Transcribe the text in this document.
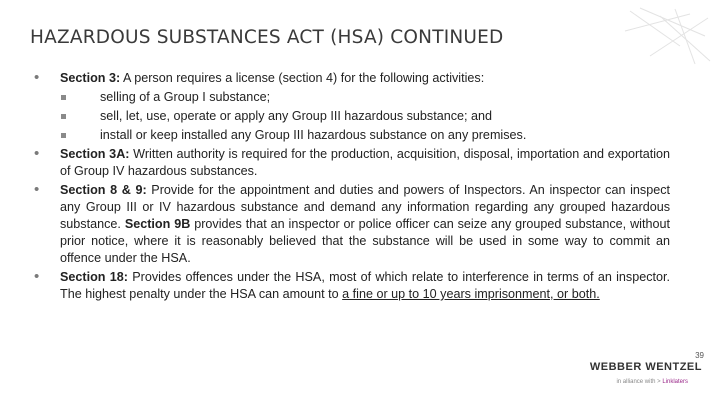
HAZARDOUS SUBSTANCES ACT (HSA) CONTINUED
• Section 3: A person requires a license (section 4) for the following activities:
selling of a Group I substance;
sell, let, use, operate or apply any Group III hazardous substance; and
install or keep installed any Group III hazardous substance on any premises.
• Section 3A: Written authority is required for the production, acquisition, disposal, importation and exportation of Group IV hazardous substances.
• Section 8 & 9: Provide for the appointment and duties and powers of Inspectors. An inspector can inspect any Group III or IV hazardous substance and demand any information regarding any grouped hazardous substance. Section 9B provides that an inspector or police officer can seize any grouped substance, without prior notice, where it is reasonably believed that the substance will be used in some way to commit an offence under the HSA.
• Section 18: Provides offences under the HSA, most of which relate to interference in terms of an inspector. The highest penalty under the HSA can amount to a fine or up to 10 years imprisonment, or both.
39
WEBBER WENTZEL
in alliance with > Linklaters
